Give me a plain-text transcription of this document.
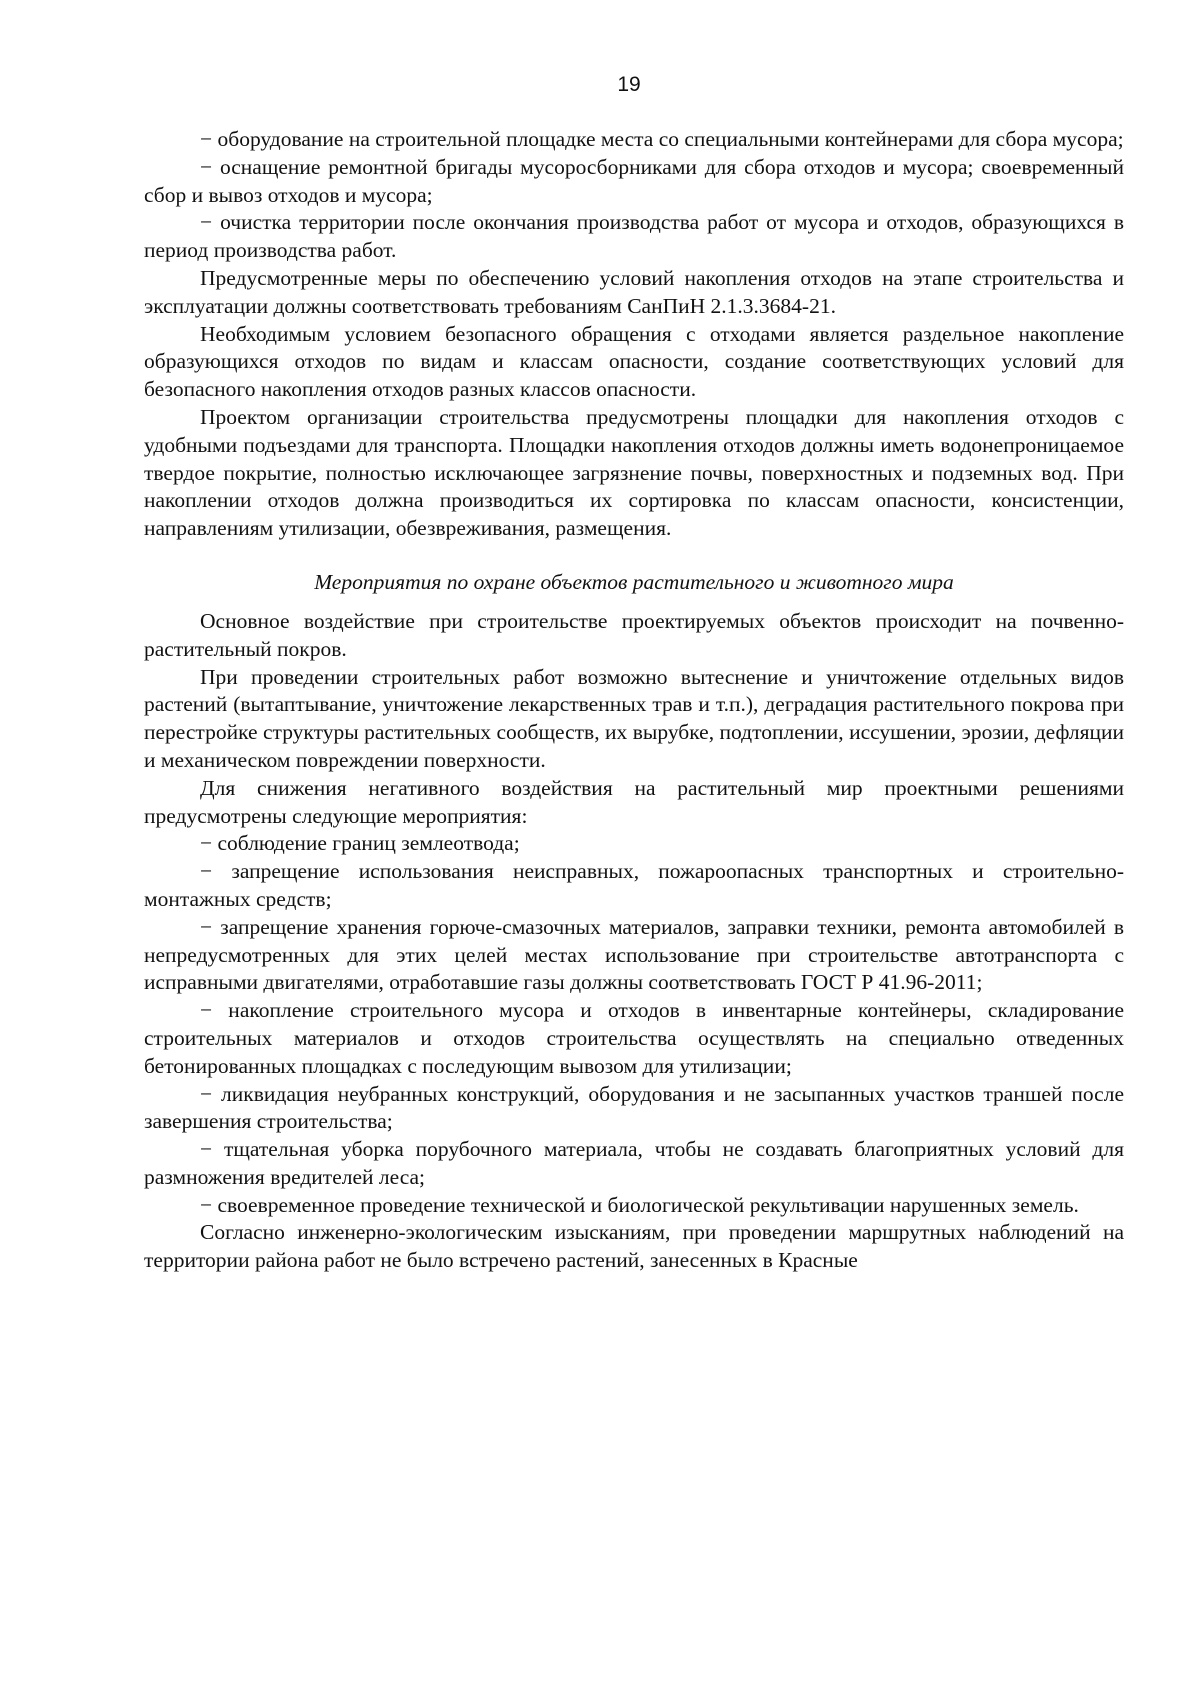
19

− оборудование на строительной площадке места со специальными контейнерами для сбора мусора;

− оснащение ремонтной бригады мусоросборниками для сбора отходов и мусора; своевременный сбор и вывоз отходов и мусора;

− очистка территории после окончания производства работ от мусора и отходов, образующихся в период производства работ.

Предусмотренные меры по обеспечению условий накопления отходов на этапе строительства и эксплуатации должны соответствовать требованиям СанПиН 2.1.3.3684-21.

Необходимым условием безопасного обращения с отходами является раздельное накопление образующихся отходов по видам и классам опасности, создание соответствующих условий для безопасного накопления отходов разных классов опасности.

Проектом организации строительства предусмотрены площадки для накопления отходов с удобными подъездами для транспорта. Площадки накопления отходов должны иметь водонепроницаемое твердое покрытие, полностью исключающее загрязнение почвы, поверхностных и подземных вод. При накоплении отходов должна производиться их сортировка по классам опасности, консистенции, направлениям утилизации, обезвреживания, размещения.

Мероприятия по охране объектов растительного и животного мира

Основное воздействие при строительстве проектируемых объектов происходит на почвенно-растительный покров.

При проведении строительных работ возможно вытеснение и уничтожение отдельных видов растений (вытаптывание, уничтожение лекарственных трав и т.п.), деградация растительного покрова при перестройке структуры растительных сообществ, их вырубке, подтоплении, иссушении, эрозии, дефляции и механическом повреждении поверхности.

Для снижения негативного воздействия на растительный мир проектными решениями предусмотрены следующие мероприятия:

− соблюдение границ землеотвода;

− запрещение использования неисправных, пожароопасных транспортных и строительно-монтажных средств;

− запрещение хранения горюче-смазочных материалов, заправки техники, ремонта автомобилей в непредусмотренных для этих целей местах использование при строительстве автотранспорта с исправными двигателями, отработавшие газы должны соответствовать ГОСТ Р 41.96-2011;

− накопление строительного мусора и отходов в инвентарные контейнеры, складирование строительных материалов и отходов строительства осуществлять на специально отведенных бетонированных площадках с последующим вывозом для утилизации;

− ликвидация неубранных конструкций, оборудования и не засыпанных участков траншей после завершения строительства;

− тщательная уборка порубочного материала, чтобы не создавать благоприятных условий для размножения вредителей леса;

− своевременное проведение технической и биологической рекультивации нарушенных земель.

Согласно инженерно-экологическим изысканиям, при проведении маршрутных наблюдений на территории района работ не было встречено растений, занесенных в Красные
